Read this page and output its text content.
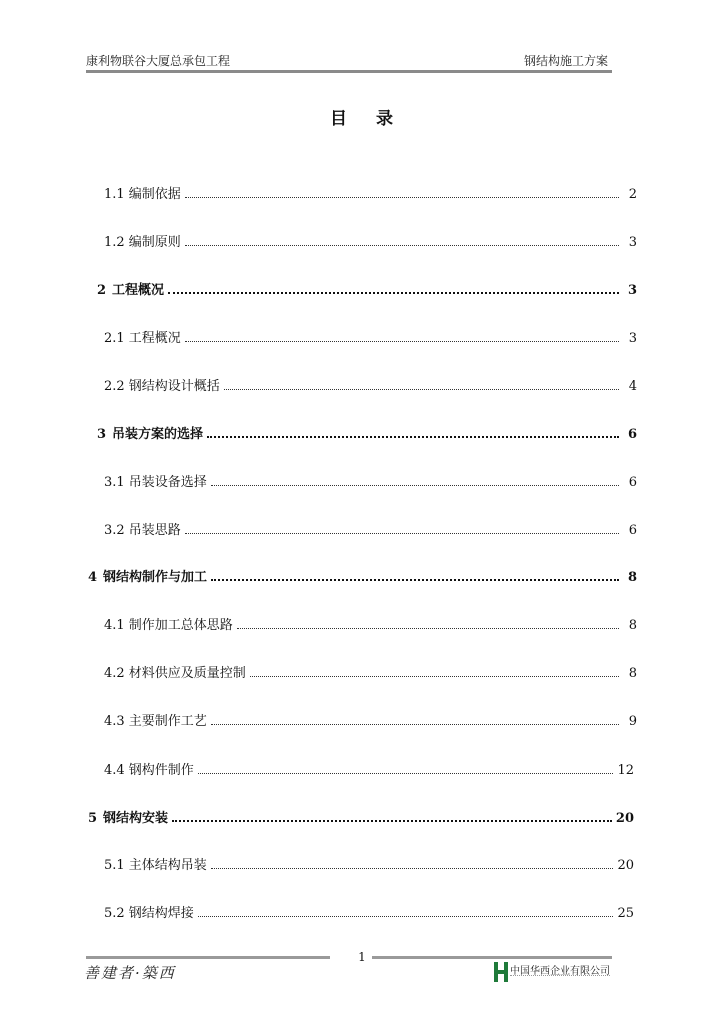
康利物联谷大厦总承包工程	钢结构施工方案
目 录
1.1 编制依据	2
1.2 编制原则	3
2 工程概况	3
2.1 工程概况	3
2.2 钢结构设计概括	4
3 吊装方案的选择	6
3.1 吊装设备选择	6
3.2 吊装思路	6
4 钢结构制作与加工	8
4.1 制作加工总体思路	8
4.2 材料供应及质量控制	8
4.3 主要制作工艺	9
4.4 钢构件制作	12
5 钢结构安装	20
5.1 主体结构吊装	20
5.2 钢结构焊接	25
1
善建者·築西	中国华西企业有限公司
